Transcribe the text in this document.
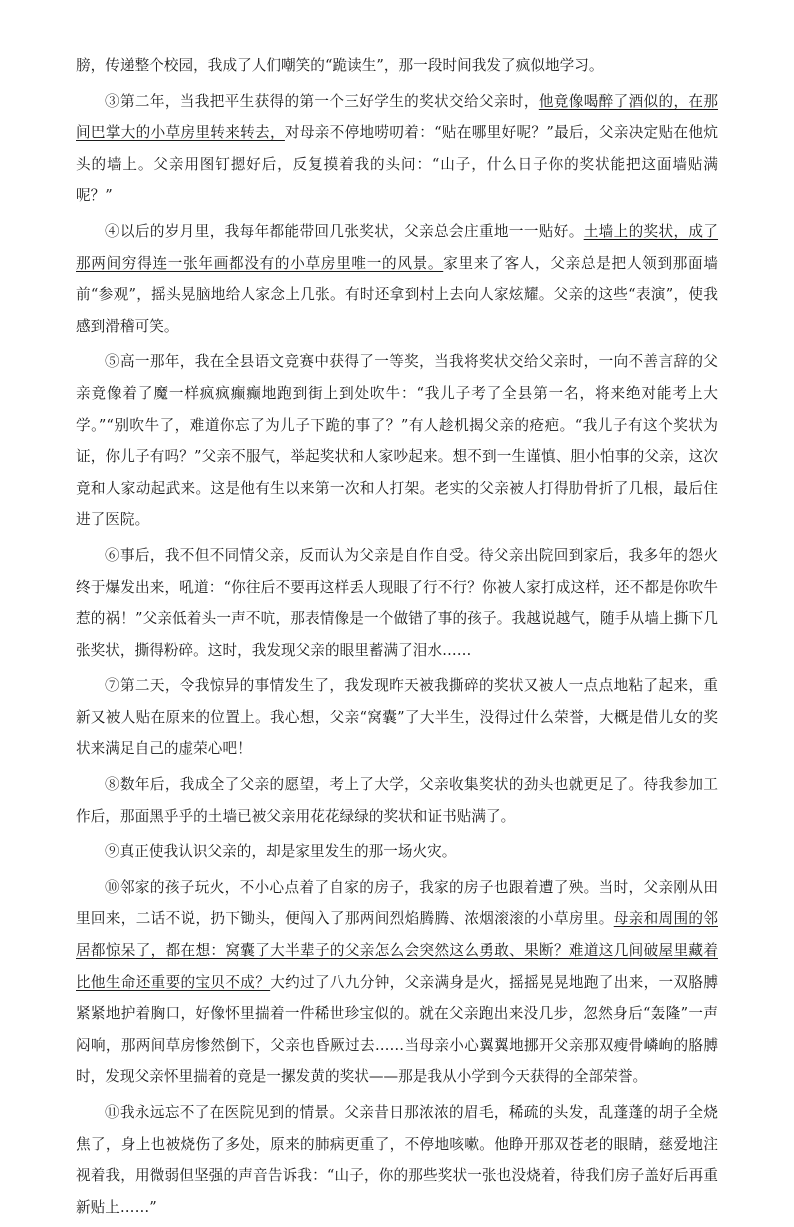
膀，传递整个校园，我成了人们嘲笑的“跪读生”，那一段时间我发了疯似地学习。

③第二年，当我把平生获得的第一个三好学生的奖状交给父亲时，他竟像喝醉了酒似的，在那间巴掌大的小草房里转来转去，对母亲不停地唠叨着：“贴在哪里好呢？”最后，父亲决定贴在他炕头的墙上。父亲用图钉摁好后，反复摸着我的头问：“山子，什么日子你的奖状能把这面墙贴满呢？”

④以后的岁月里，我每年都能带回几张奖状，父亲总会庄重地一一贴好。土墙上的奖状，成了那两间穷得连一张年画都没有的小草房里唯一的风景。家里来了客人，父亲总是把人领到那面墙前“参观”，摇头晃脑地给人家念上几张。有时还拿到村上去向人家炫耀。父亲的这些“表演”，使我感到滑稽可笑。

⑤高一那年，我在全县语文竞赛中获得了一等奖，当我将奖状交给父亲时，一向不善言辞的父亲竟像着了魔一样疯疯癫癫地跑到街上到处吹牛：“我儿子考了全县第一名，将来绝对能考上大学。”“别吹牛了，难道你忘了为儿子下跪的事了？”有人趁机揭父亲的疮疤。“我儿子有这个奖状为证，你儿子有吗？”父亲不服气，举起奖状和人家吵起来。想不到一生谨慎、胆小怕事的父亲，这次竟和人家动起武来。这是他有生以来第一次和人打架。老实的父亲被人打得肋骨折了几根，最后住进了医院。

⑥事后，我不但不同情父亲，反而认为父亲是自作自受。待父亲出院回到家后，我多年的怨火终于爆发出来，吼道：“你往后不要再这样丢人现眼了行不行？你被人家打成这样，还不都是你吹牛惹的祸！”父亲低着头一声不吭，那表情像是一个做错了事的孩子。我越说越气，随手从墙上撕下几张奖状，撕得粉碎。这时，我发现父亲的眼里蓄满了泪水……

⑦第二天，令我惊异的事情发生了，我发现昨天被我撕碎的奖状又被人一点点地粘了起来，重新又被人贴在原来的位置上。我心想，父亲“窝囊”了大半生，没得过什么荣誉，大概是借儿女的奖状来满足自己的虚荣心吧！

⑧数年后，我成全了父亲的愿望，考上了大学，父亲收集奖状的劲头也就更足了。待我参加工作后，那面黑乎乎的土墙已被父亲用花花绿绿的奖状和证书贴满了。

⑨真正使我认识父亲的，却是家里发生的那一场火灾。

⑩邻家的孩子玩火，不小心点着了自家的房子，我家的房子也跟着遭了殃。当时，父亲刚从田里回来，二话不说，扔下锄头，便闯入了那两间烈焰腾腾、浓烟滚滚的小草房里。母亲和周围的邻居都惊呆了，都在想：窝囊了大半辈子的父亲怎么会突然这么勇敢、果断？难道这几间破屋里藏着比他生命还重要的宝贝不成？大约过了八九分钟，父亲满身是火，摇摇晃晃地跑了出来，一双胳膊紧紧地护着胸口，好像怀里揣着一件稀世珍宝似的。就在父亲跑出来没几步，忽然身后“轰隆”一声闷响，那两间草房惨然倒下，父亲也昏厥过去……当母亲小心翼翼地挪开父亲那双瘦骨嶙峋的胳膊时，发现父亲怀里揣着的竟是一摞发黄的奖状——那是我从小学到今天获得的全部荣誉。

⑪我永远忘不了在医院见到的情景。父亲昔日那浓浓的眉毛，稀疏的头发，乱蓬蓬的胡子全烧焦了，身上也被烧伤了多处，原来的肺病更重了，不停地咳嗽。他睁开那双苍老的眼睛，慈爱地注视着我，用微弱但坚强的声音告诉我：“山子，你的那些奖状一张也没烧着，待我们房子盖好后再重新贴上……”
